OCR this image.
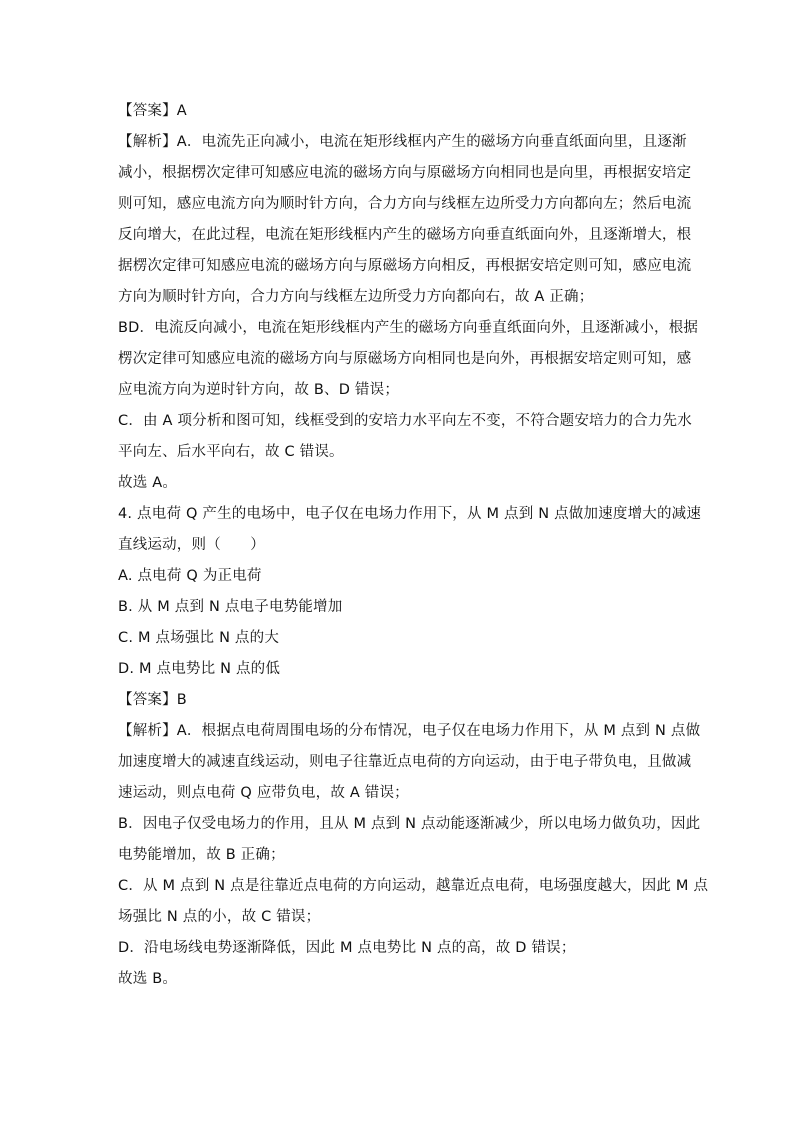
【答案】A
【解析】A．电流先正向减小，电流在矩形线框内产生的磁场方向垂直纸面向里，且逐渐
减小，根据楞次定律可知感应电流的磁场方向与原磁场方向相同也是向里，再根据安培定
则可知，感应电流方向为顺时针方向，合力方向与线框左边所受力方向都向左；然后电流
反向增大，在此过程，电流在矩形线框内产生的磁场方向垂直纸面向外，且逐渐增大，根
据楞次定律可知感应电流的磁场方向与原磁场方向相反，再根据安培定则可知，感应电流
方向为顺时针方向，合力方向与线框左边所受力方向都向右，故 A 正确；
BD．电流反向减小，电流在矩形线框内产生的磁场方向垂直纸面向外，且逐渐减小，根据
楞次定律可知感应电流的磁场方向与原磁场方向相同也是向外，再根据安培定则可知，感
应电流方向为逆时针方向，故 B、D 错误；
C．由 A 项分析和图可知，线框受到的安培力水平向左不变，不符合题安培力的合力先水
平向左、后水平向右，故 C 错误。
故选 A。
4. 点电荷 Q 产生的电场中，电子仅在电场力作用下，从 M 点到 N 点做加速度增大的减速
直线运动，则（　　）
A. 点电荷 Q 为正电荷
B. 从 M 点到 N 点电子电势能增加
C. M 点场强比 N 点的大
D. M 点电势比 N 点的低
【答案】B
【解析】A．根据点电荷周围电场的分布情况，电子仅在电场力作用下，从 M 点到 N 点做
加速度增大的减速直线运动，则电子往靠近点电荷的方向运动，由于电子带负电，且做减
速运动，则点电荷 Q 应带负电，故 A 错误；
B．因电子仅受电场力的作用，且从 M 点到 N 点动能逐渐减少，所以电场力做负功，因此
电势能增加，故 B 正确；
C．从 M 点到 N 点是往靠近点电荷的方向运动，越靠近点电荷，电场强度越大，因此 M 点
场强比 N 点的小，故 C 错误；
D．沿电场线电势逐渐降低，因此 M 点电势比 N 点的高，故 D 错误；
故选 B。
